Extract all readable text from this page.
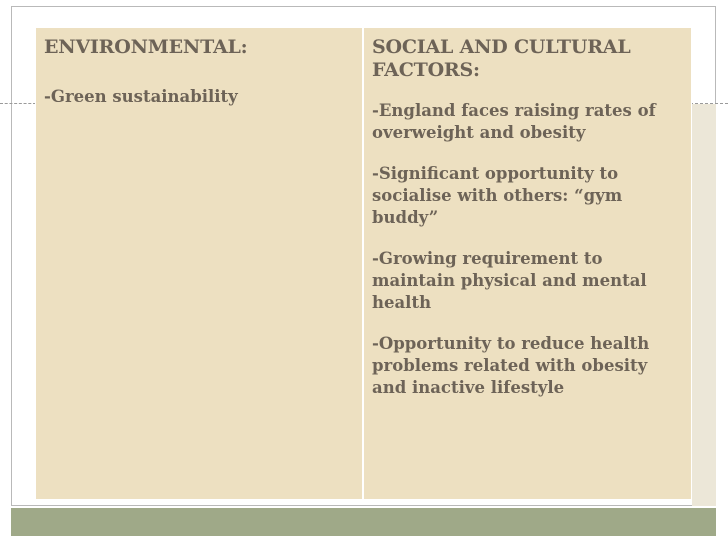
ENVIRONMENTAL:

-Green sustainability

SOCIAL AND CULTURAL FACTORS:

-England faces raising rates of overweight and obesity

-Significant opportunity to socialise with others: “gym buddy”

-Growing requirement to maintain physical and mental health

-Opportunity to reduce health problems related with obesity and inactive lifestyle
